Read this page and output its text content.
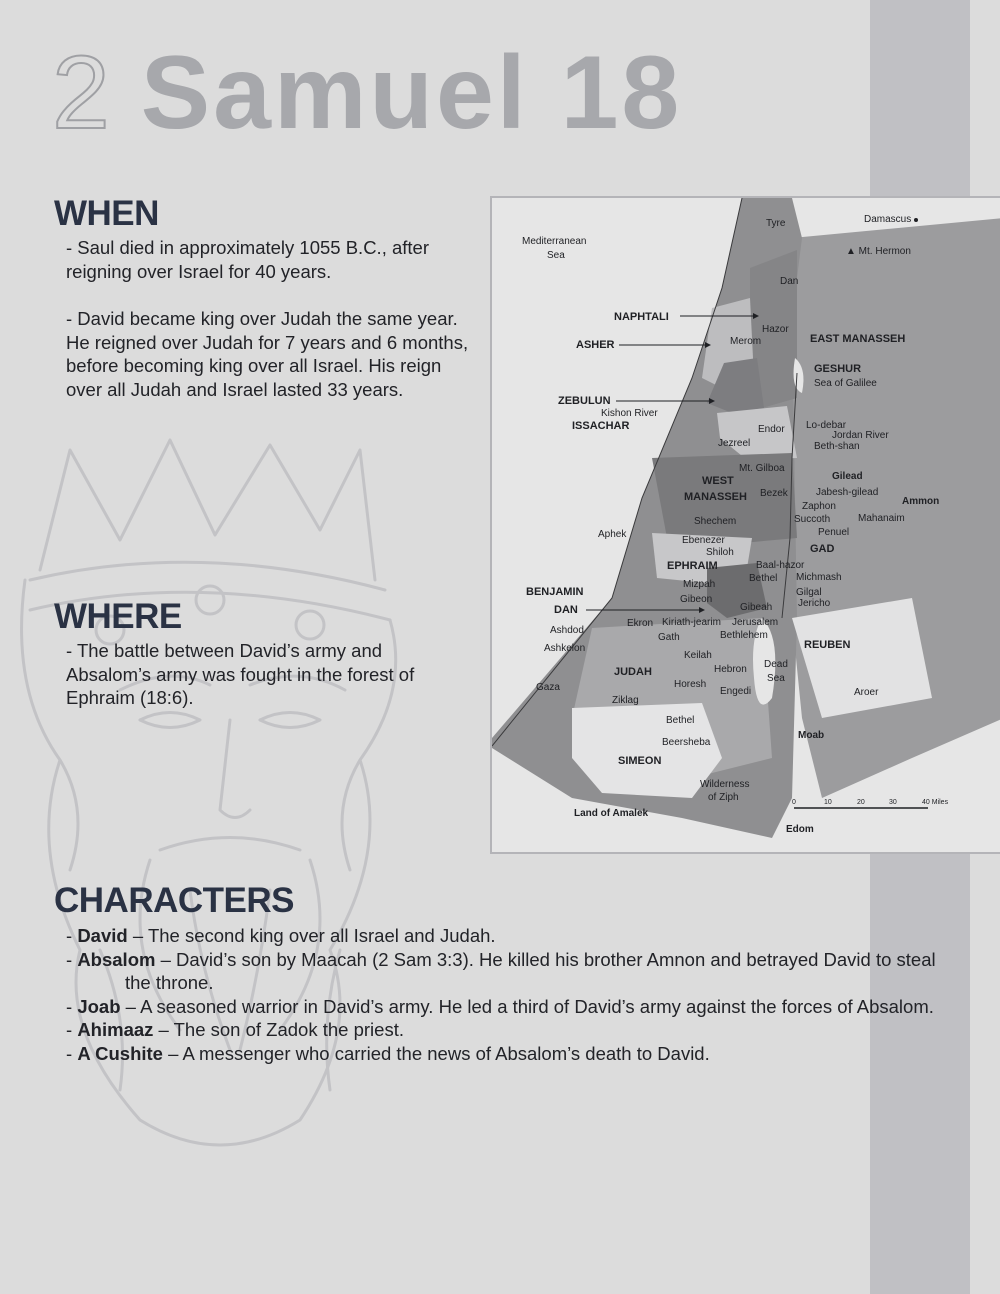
2 Samuel 18
WHEN

- Saul died in approximately 1055 B.C., after reigning over Israel for 40 years.

- David became king over Judah the same year. He reigned over Judah for 7 years and 6 months, before becoming king over all Israel. His reign over all Judah and Israel lasted 33 years.

WHERE

- The battle between David’s army and Absalom’s army was fought in the forest of Ephraim (18:6).

CHARACTERS

- David – The second king over all Israel and Judah.

- Absalom – David’s son by Maacah (2 Sam 3:3). He killed his brother Amnon and betrayed David to steal the throne.

- Joab – A seasoned warrior in David’s army. He led a third of David’s army against the forces of Absalom.

- Ahimaaz – The son of Zadok the priest.

- A Cushite – A messenger who carried the news of Absalom’s death to David.

Tyre	Damascus
Mediterranean
Sea	▲ Mt. Hermon
Dan
NAPHTALI
Hazor
Merom
ASHER	EAST MANASSEH
GESHUR
Sea of Galilee
ZEBULUN
Kishon River
ISSACHAR	Endor Lo-debar
Jordan River
Jezreel	Beth-shan
Mt. Gilboa
Gilead
WEST
MANASSEH Bezek	Jabesh-gilead
Ammon
Zaphon
Succoth	Mahanaim
Shechem
Penuel
Aphek
Ebenezer
GAD
Shiloh
EPHRAIM	Baal-hazor
Bethel Michmash
Mizpah
BENJAMIN	Gilgal
Gibeon	Jericho
Gibeah
DAN
Ekron Kiriath-jearim Jerusalem
Ashdod	Bethlehem
Gath
REUBEN
Ashkelon
Keilah
Dead
JUDAH	Hebron
Sea
Horesh
Gaza	Engedi	Aroer
Ziklag
Bethel
Moab
Beersheba
SIMEON
Wilderness
of Ziph	0	10	20	30	40 Miles
Land of Amalek
Edom
